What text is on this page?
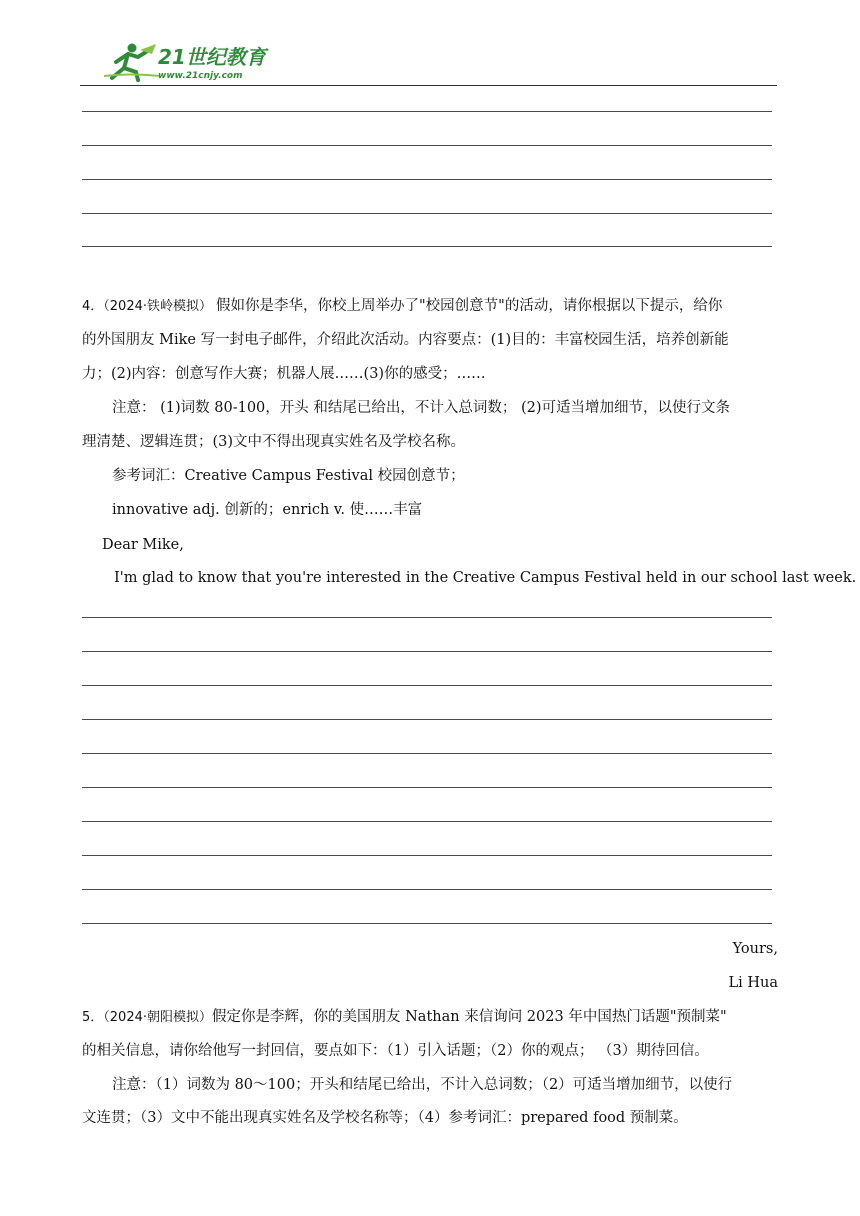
21世纪教育
www.21cnjy.com
4．（2024·铁岭模拟） 假如你是李华，你校上周举办了"校园创意节"的活动，请你根据以下提示，给你
的外国朋友 Mike 写一封电子邮件，介绍此次活动。内容要点：(1)目的：丰富校园生活，培养创新能
力；(2)内容：创意写作大赛；机器人展……(3)你的感受；……
注意： (1)词数 80-100，开头 和结尾已给出，不计入总词数； (2)可适当增加细节，以使行文条
理清楚、逻辑连贯；(3)文中不得出现真实姓名及学校名称。
参考词汇：Creative Campus Festival 校园创意节；
innovative adj. 创新的；enrich v. 使……丰富
Dear Mike,
I'm glad to know that you're interested in the Creative Campus Festival held in our school last week.
Yours,
Li Hua
5．（2024·朝阳模拟）假定你是李辉，你的美国朋友 Nathan 来信询问 2023 年中国热门话题"预制菜"
的相关信息，请你给他写一封回信，要点如下：（1）引入话题；（2）你的观点； （3）期待回信。
注意：（1）词数为 80～100；开头和结尾已给出，不计入总词数；（2）可适当增加细节，以使行
文连贯；（3）文中不能出现真实姓名及学校名称等；（4）参考词汇：prepared food 预制菜。
